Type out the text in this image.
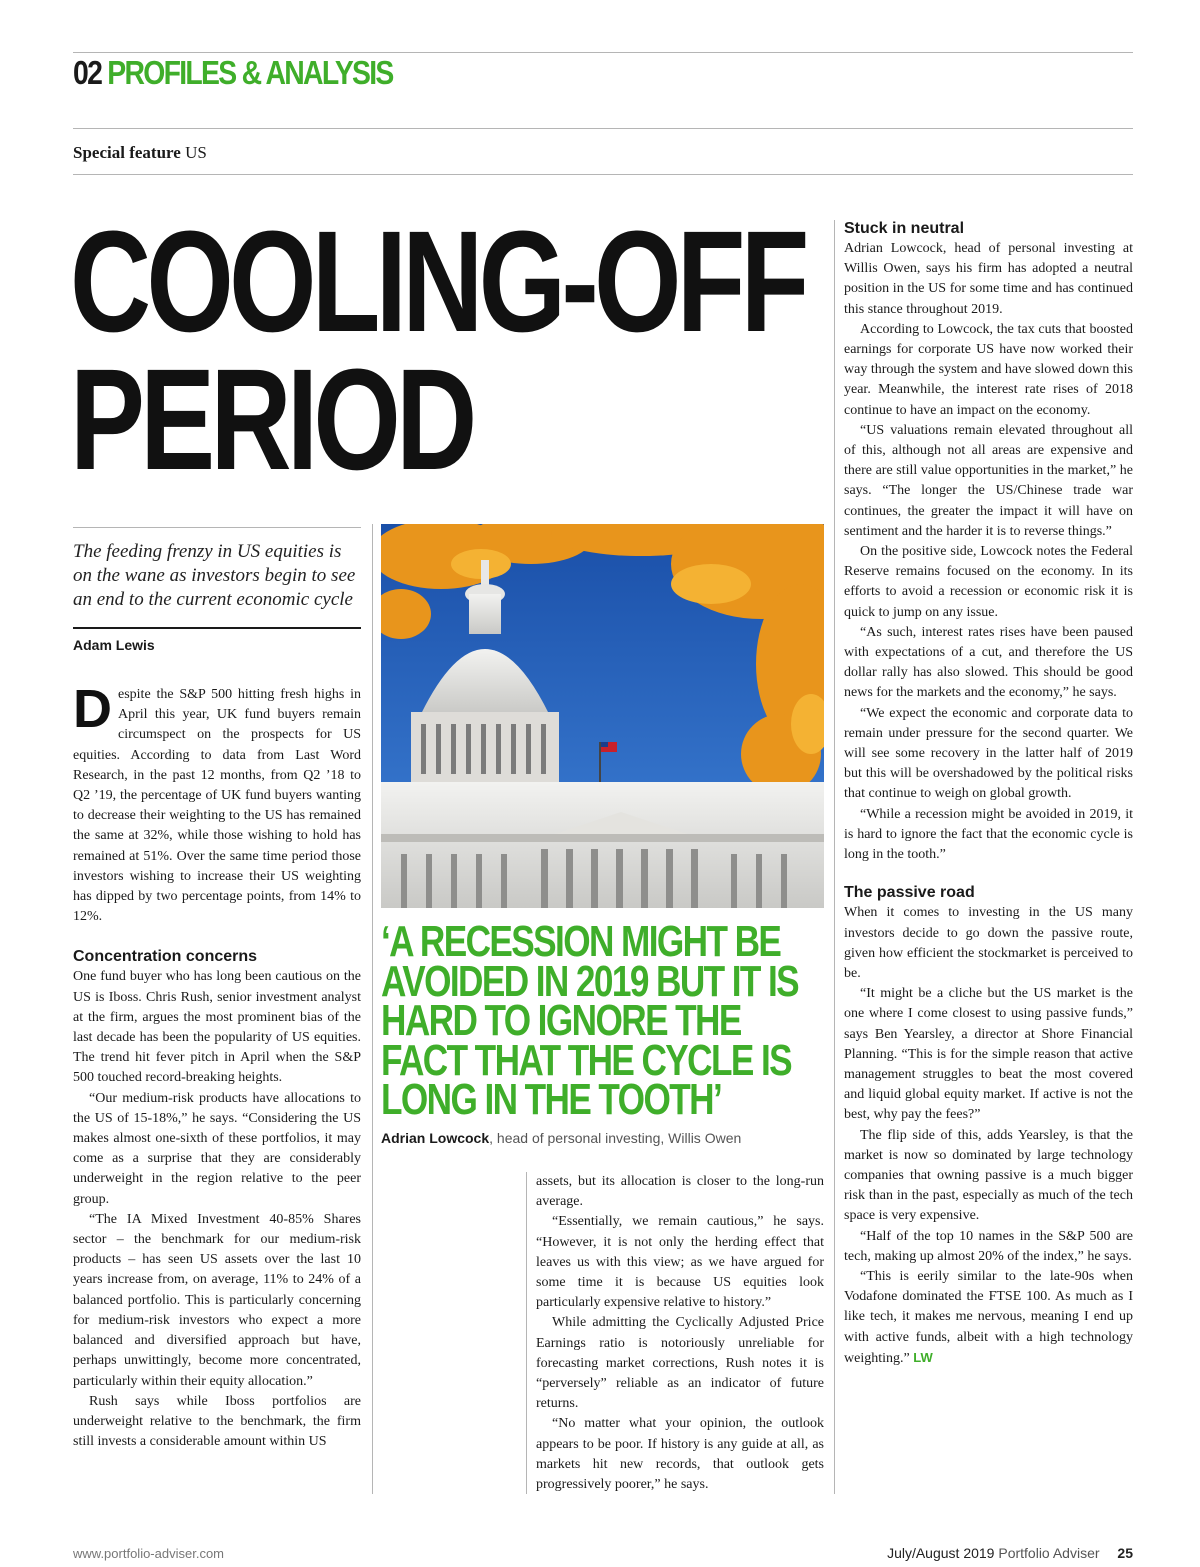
02 PROFILES & ANALYSIS
Special feature US
COOLING-OFF
PERIOD
The feeding frenzy in US equities is on the wane as investors begin to see an end to the current economic cycle
Adam Lewis

Despite the S&P 500 hitting fresh highs in April this year, UK fund buyers remain circumspect on the prospects for US equities. According to data from Last Word Research, in the past 12 months, from Q2 ’18 to Q2 ’19, the percentage of UK fund buyers wanting to decrease their weighting to the US has remained the same at 32%, while those wishing to hold has remained at 51%. Over the same time period those investors wishing to increase their US weighting has dipped by two percentage points, from 14% to 12%.

Concentration concerns

One fund buyer who has long been cautious on the US is Iboss. Chris Rush, senior investment analyst at the firm, argues the most prominent bias of the last decade has been the popularity of US equities. The trend hit fever pitch in April when the S&P 500 touched record-breaking heights.

“Our medium-risk products have allocations to the US of 15-18%,” he says. “Considering the US makes almost one-sixth of these portfolios, it may come as a surprise that they are considerably underweight in the region relative to the peer group.

“The IA Mixed Investment 40-85% Shares sector – the benchmark for our medium-risk products – has seen US assets over the last 10 years increase from, on average, 11% to 24% of a balanced portfolio. This is particularly concerning for medium-risk investors who expect a more balanced and diversified approach but have, perhaps unwittingly, become more concentrated, particularly within their equity allocation.”

Rush says while Iboss portfolios are underweight relative to the benchmark, the firm still invests a considerable amount within US

‘A RECESSION MIGHT BE AVOIDED IN 2019 BUT IT IS HARD TO IGNORE THE FACT THAT THE CYCLE IS LONG IN THE TOOTH’
Adrian Lowcock, head of personal investing, Willis Owen

assets, but its allocation is closer to the long-run average.

“Essentially, we remain cautious,” he says. “However, it is not only the herding effect that leaves us with this view; as we have argued for some time it is because US equities look particularly expensive relative to history.”

While admitting the Cyclically Adjusted Price Earnings ratio is notoriously unreliable for forecasting market corrections, Rush notes it is “perversely” reliable as an indicator of future returns.

“No matter what your opinion, the outlook appears to be poor. If history is any guide at all, as markets hit new records, that outlook gets progressively poorer,” he says.

Stuck in neutral

Adrian Lowcock, head of personal investing at Willis Owen, says his firm has adopted a neutral position in the US for some time and has continued this stance throughout 2019.

According to Lowcock, the tax cuts that boosted earnings for corporate US have now worked their way through the system and have slowed down this year. Meanwhile, the interest rate rises of 2018 continue to have an impact on the economy.

“US valuations remain elevated throughout all of this, although not all areas are expensive and there are still value opportunities in the market,” he says. “The longer the US/Chinese trade war continues, the greater the impact it will have on sentiment and the harder it is to reverse things.”

On the positive side, Lowcock notes the Federal Reserve remains focused on the economy. In its efforts to avoid a recession or economic risk it is quick to jump on any issue.

“As such, interest rates rises have been paused with expectations of a cut, and therefore the US dollar rally has also slowed. This should be good news for the markets and the economy,” he says.

“We expect the economic and corporate data to remain under pressure for the second quarter. We will see some recovery in the latter half of 2019 but this will be overshadowed by the political risks that continue to weigh on global growth.

“While a recession might be avoided in 2019, it is hard to ignore the fact that the economic cycle is long in the tooth.”

The passive road

When it comes to investing in the US many investors decide to go down the passive route, given how efficient the stockmarket is perceived to be.

“It might be a cliche but the US market is the one where I come closest to using passive funds,” says Ben Yearsley, a director at Shore Financial Planning. “This is for the simple reason that active management struggles to beat the most covered and liquid global equity market. If active is not the best, why pay the fees?”

The flip side of this, adds Yearsley, is that the market is now so dominated by large technology companies that owning passive is a much bigger risk than in the past, especially as much of the tech space is very expensive.

“Half of the top 10 names in the S&P 500 are tech, making up almost 20% of the index,” he says.

“This is eerily similar to the late-90s when Vodafone dominated the FTSE 100. As much as I like tech, it makes me nervous, meaning I end up with active funds, albeit with a high technology weighting.” LW

www.portfolio-adviser.com	July/August 2019 Portfolio Adviser 25
